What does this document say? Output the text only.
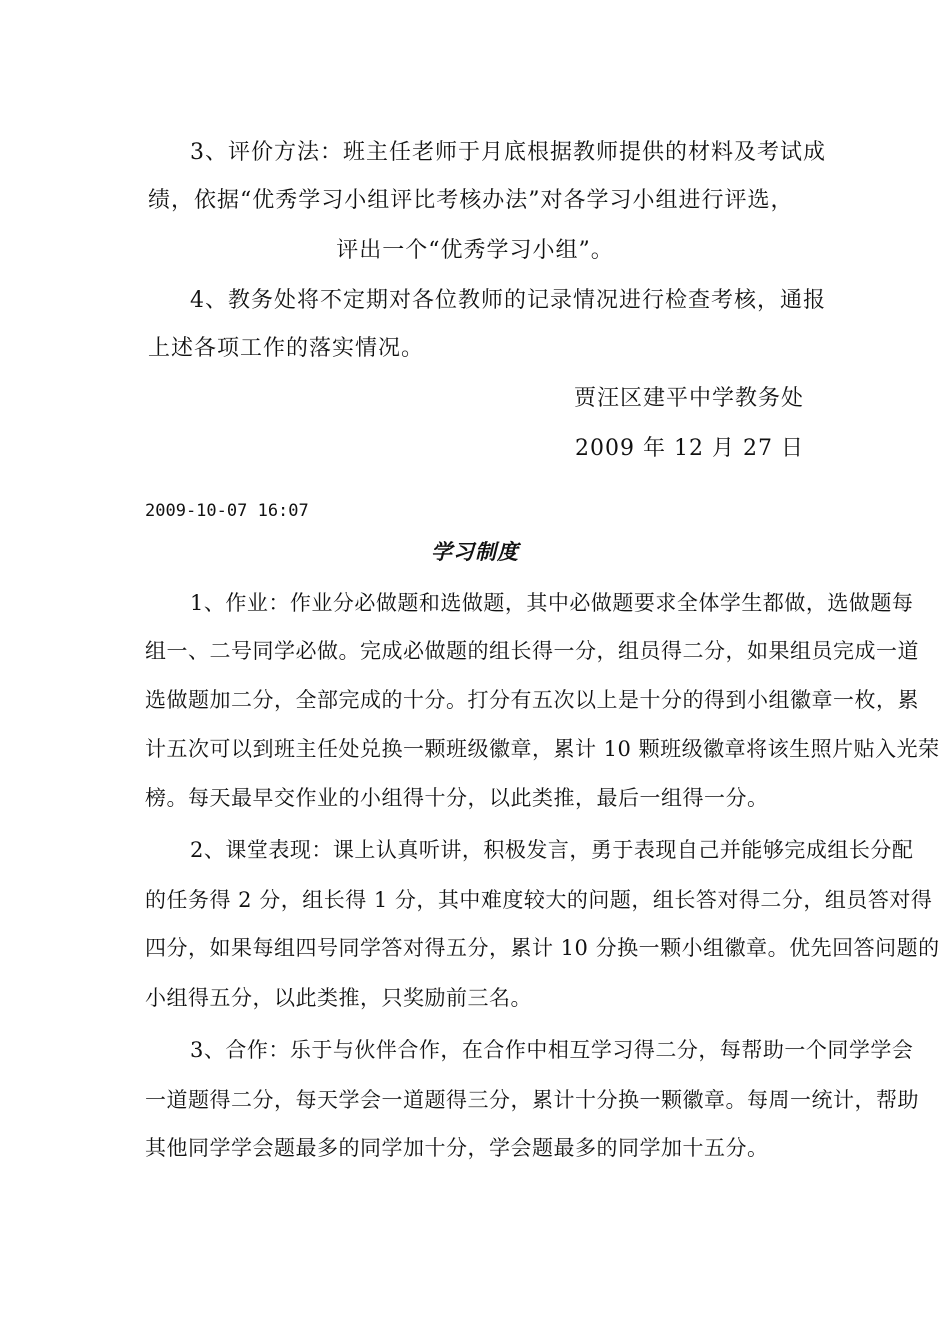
3、评价方法：班主任老师于月底根据教师提供的材料及考试成
绩，依据“优秀学习小组评比考核办法”对各学习小组进行评选，
评出一个“优秀学习小组”。
4、教务处将不定期对各位教师的记录情况进行检查考核，通报
上述各项工作的落实情况。
贾汪区建平中学教务处
2009 年 12 月 27 日
2009-10-07 16:07
学习制度
1、作业：作业分必做题和选做题，其中必做题要求全体学生都做，选做题每
组一、二号同学必做。完成必做题的组长得一分，组员得二分，如果组员完成一道
选做题加二分，全部完成的十分。打分有五次以上是十分的得到小组徽章一枚，累
计五次可以到班主任处兑换一颗班级徽章，累计 10 颗班级徽章将该生照片贴入光荣
榜。每天最早交作业的小组得十分，以此类推，最后一组得一分。
2、课堂表现：课上认真听讲，积极发言，勇于表现自己并能够完成组长分配
的任务得 2 分，组长得 1 分，其中难度较大的问题，组长答对得二分，组员答对得
四分，如果每组四号同学答对得五分，累计 10 分换一颗小组徽章。优先回答问题的
小组得五分，以此类推，只奖励前三名。
3、合作：乐于与伙伴合作，在合作中相互学习得二分，每帮助一个同学学会
一道题得二分，每天学会一道题得三分，累计十分换一颗徽章。每周一统计，帮助
其他同学学会题最多的同学加十分，学会题最多的同学加十五分。
